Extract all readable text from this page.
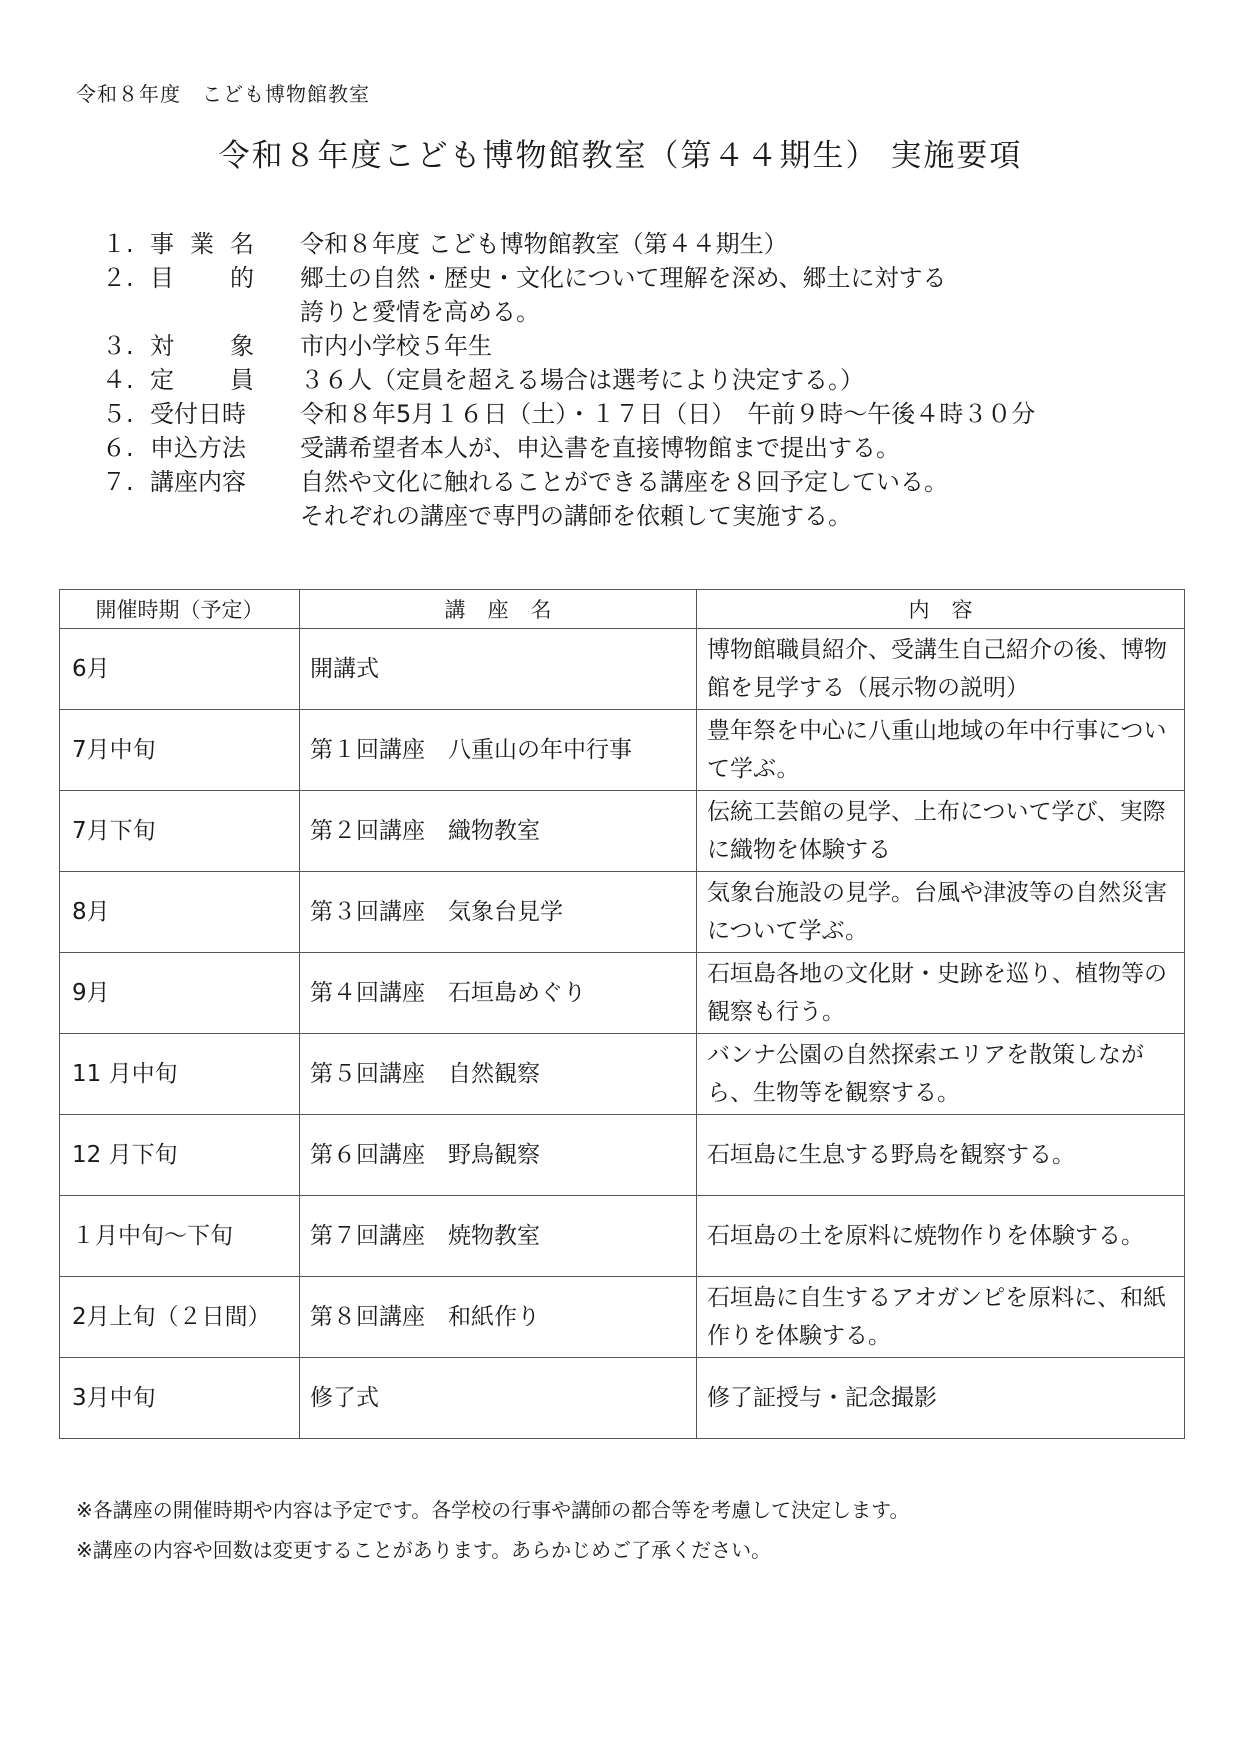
令和８年度　こども博物館教室
令和８年度こども博物館教室（第４４期生） 実施要項
１. 事 業 名 令和８年度 こども博物館教室（第４４期生）
２. 目 的 郷土の自然・歴史・文化について理解を深め、郷土に対する
誇りと愛情を高める。
３. 対 象 市内小学校５年生
４. 定 員 ３６人（定員を超える場合は選考により決定する。）
５. 受付日時	令和８年5月１６日（土）・１７日（日）　午前９時～午後４時３０分
６. 申込方法	受講希望者本人が、申込書を直接博物館まで提出する。
７. 講座内容	自然や文化に触れることができる講座を８回予定している。
それぞれの講座で専門の講師を依頼して実施する。
開催時期（予定）	講座名	内容
6月	開講式	博物館職員紹介、受講生自己紹介の後、博物館を見学する（展示物の説明）
7月中旬	第１回講座　八重山の年中行事	豊年祭を中心に八重山地域の年中行事について学ぶ。
7月下旬	第２回講座　織物教室	伝統工芸館の見学、上布について学び、実際に織物を体験する
8月	第３回講座　気象台見学	気象台施設の見学。台風や津波等の自然災害について学ぶ。
9月	第４回講座　石垣島めぐり	石垣島各地の文化財・史跡を巡り、植物等の観察も行う。
11 月中旬	第５回講座　自然観察	バンナ公園の自然探索エリアを散策しながら、生物等を観察する。
12 月下旬	第６回講座　野鳥観察	石垣島に生息する野鳥を観察する。
１月中旬～下旬	第７回講座　焼物教室	石垣島の土を原料に焼物作りを体験する。
2月上旬（２日間）	第８回講座　和紙作り	石垣島に自生するアオガンピを原料に、和紙作りを体験する。
3月中旬	修了式	修了証授与・記念撮影
※各講座の開催時期や内容は予定です。各学校の行事や講師の都合等を考慮して決定します。
※講座の内容や回数は変更することがあります。あらかじめご了承ください。
